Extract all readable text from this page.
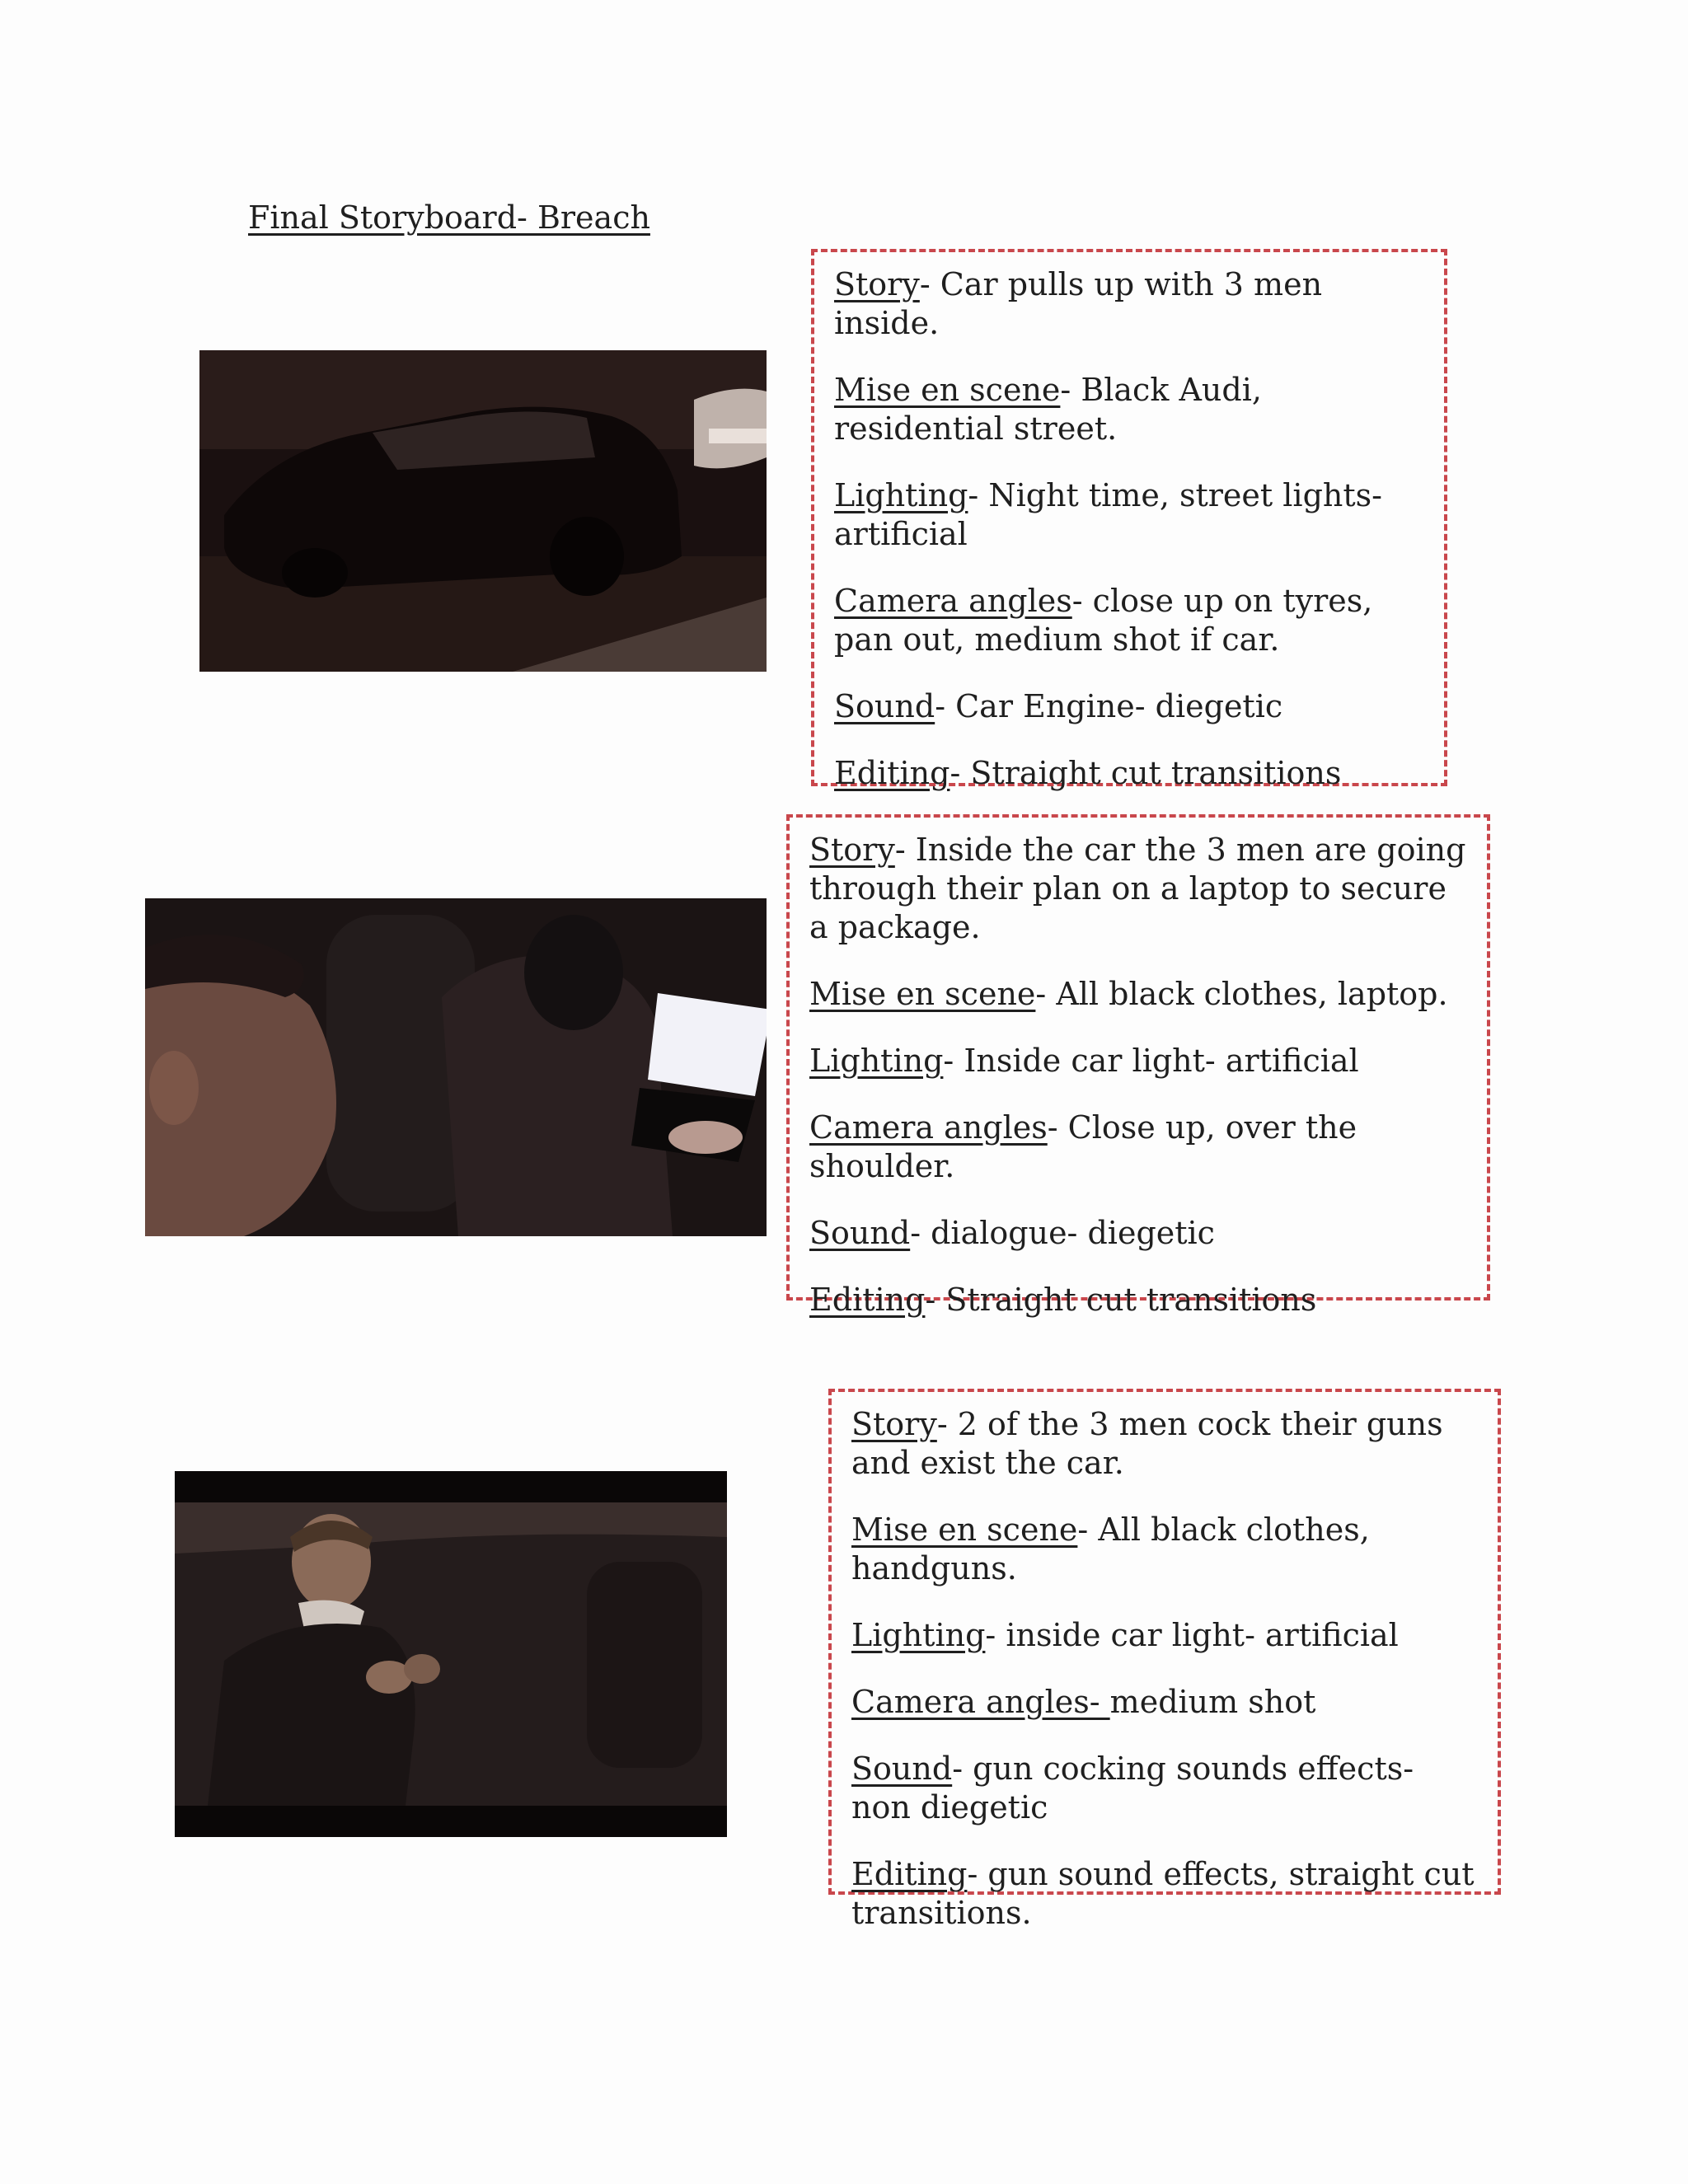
Final Storyboard- Breach

Story- Car pulls up with 3 men inside.

Mise en scene- Black Audi, residential street.

Lighting- Night time, street lights- artificial

Camera angles- close up on tyres, pan out, medium shot if car.

Sound- Car Engine- diegetic

Editing- Straight cut transitions

Story- Inside the car the 3 men are going through their plan on a laptop to secure a package.

Mise en scene- All black clothes, laptop.

Lighting- Inside car light- artificial

Camera angles- Close up, over the shoulder.

Sound- dialogue- diegetic

Editing- Straight cut transitions

Story- 2 of the 3 men cock their guns and exist the car.

Mise en scene- All black clothes, handguns.

Lighting- inside car light- artificial

Camera angles- medium shot

Sound- gun cocking sounds effects- non diegetic

Editing- gun sound effects, straight cut transitions.
